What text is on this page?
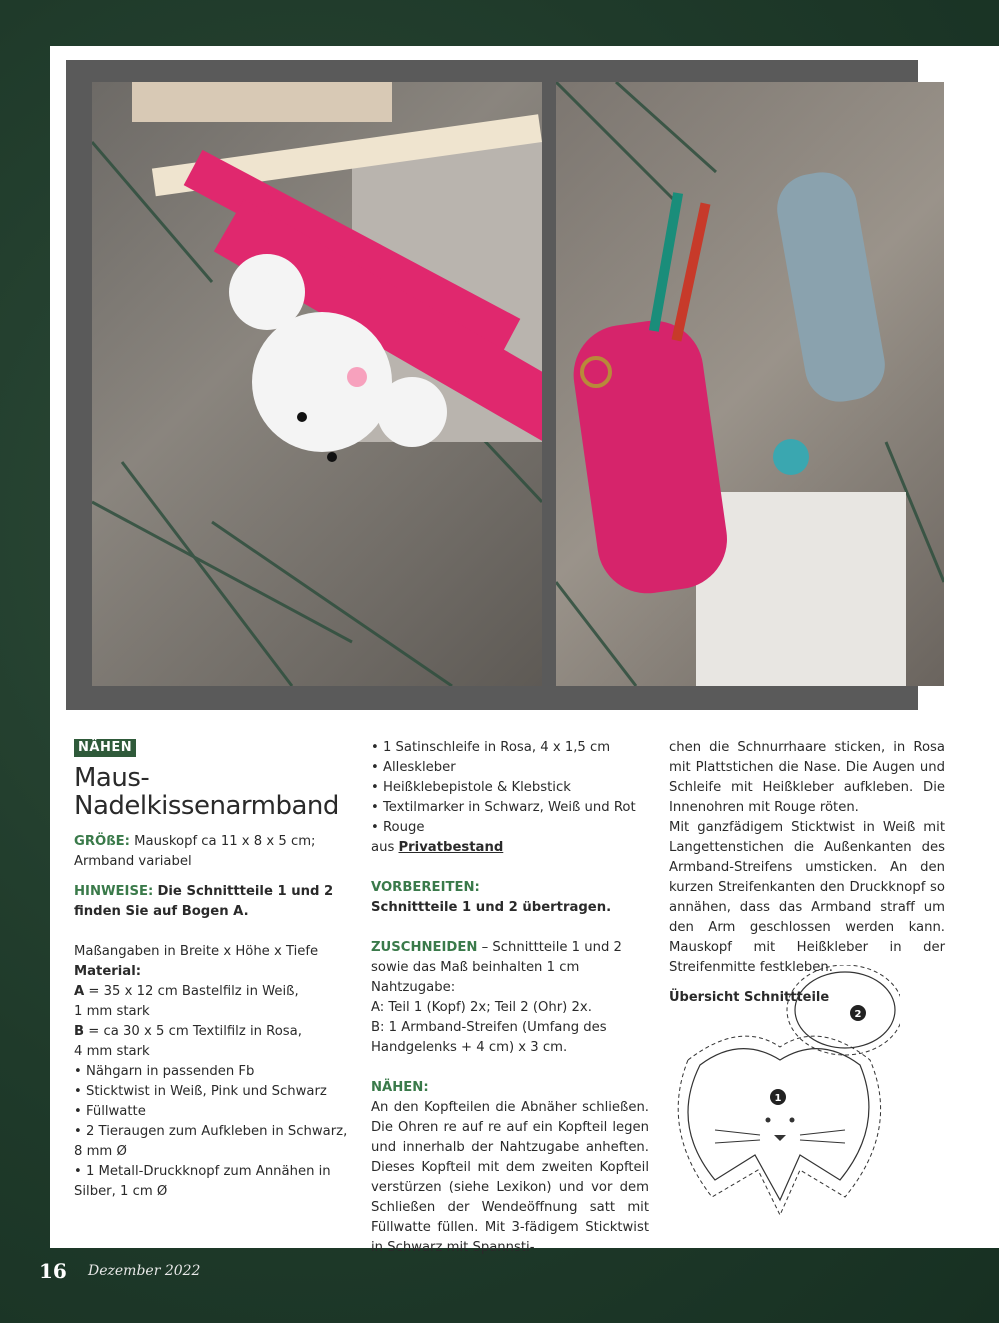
NÄHEN
Maus-
Nadelkissenarmband

GRÖßE: Mauskopf ca 11 x 8 x 5 cm;

Armband variabel

HINWEISE: Die Schnittteile 1 und 2 finden Sie auf Bogen A.

Maßangaben in Breite x Höhe x Tiefe

Material:

A = 35 x 12 cm Bastelfilz in Weiß,

1 mm stark

B = ca 30 x 5 cm Textilfilz in Rosa,

4 mm stark

• Nähgarn in passenden Fb

• Sticktwist in Weiß, Pink und Schwarz

• Füllwatte

• 2 Tieraugen zum Aufkleben in Schwarz,

8 mm Ø

• 1 Metall-Druckknopf zum Annähen in

Silber, 1 cm Ø

• 1 Satinschleife in Rosa, 4 x 1,5 cm

• Alleskleber

• Heißklebepistole & Klebstick

• Textilmarker in Schwarz, Weiß und Rot

• Rouge

aus Privatbestand

VORBEREITEN:

Schnittteile 1 und 2 übertragen.

ZUSCHNEIDEN – Schnittteile 1 und 2 sowie das Maß beinhalten 1 cm Nahtzugabe:

A: Teil 1 (Kopf) 2x; Teil 2 (Ohr) 2x.

B: 1 Armband-Streifen (Umfang des Handgelenks + 4 cm) x 3 cm.

NÄHEN:

An den Kopfteilen die Abnäher schließen. Die Ohren re auf re auf ein Kopfteil legen und innerhalb der Nahtzugabe anheften. Dieses Kopfteil mit dem zweiten Kopfteil verstürzen (siehe Lexikon) und vor dem Schließen der Wendeöffnung satt mit Füllwatte füllen. Mit 3-fädigem Sticktwist in Schwarz mit Spannsti-

chen die Schnurrhaare sticken, in Rosa mit Plattstichen die Nase. Die Augen und Schleife mit Heißkleber aufkleben. Die Innenohren mit Rouge röten.

Mit ganzfädigem Sticktwist in Weiß mit Langettenstichen die Außenkanten des Armband-Streifens umsticken. An den kurzen Streifenkanten den Druckknopf so annähen, dass das Armband straff um den Arm geschlossen werden kann. Mauskopf mit Heißkleber in der Streifenmitte festkleben.

Übersicht Schnittteile
1
2
16 Dezember 2022
